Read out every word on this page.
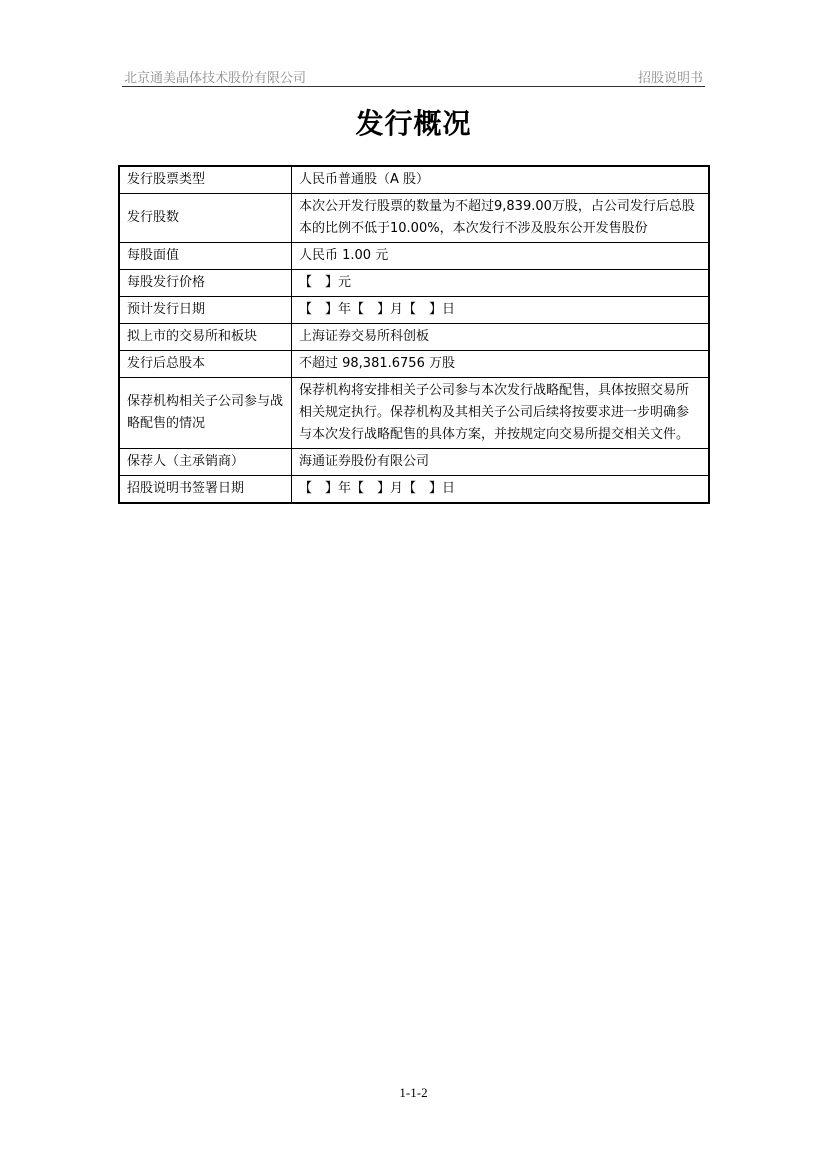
北京通美晶体技术股份有限公司	招股说明书
发行概况
发行股票类型	人民币普通股（A 股）
发行股数	本次公开发行股票的数量为不超过9,839.00万股，占公司发行后总股本的比例不低于10.00%，本次发行不涉及股东公开发售股份
每股面值	人民币 1.00 元
每股发行价格	【　】元
预计发行日期	【　】年【　】月【　】日
拟上市的交易所和板块	上海证券交易所科创板
发行后总股本	不超过 98,381.6756 万股
保荐机构相关子公司参与战略配售的情况	保荐机构将安排相关子公司参与本次发行战略配售，具体按照交易所相关规定执行。保荐机构及其相关子公司后续将按要求进一步明确参与本次发行战略配售的具体方案，并按规定向交易所提交相关文件。
保荐人（主承销商）	海通证券股份有限公司
招股说明书签署日期	【　】年【　】月【　】日
1-1-2
